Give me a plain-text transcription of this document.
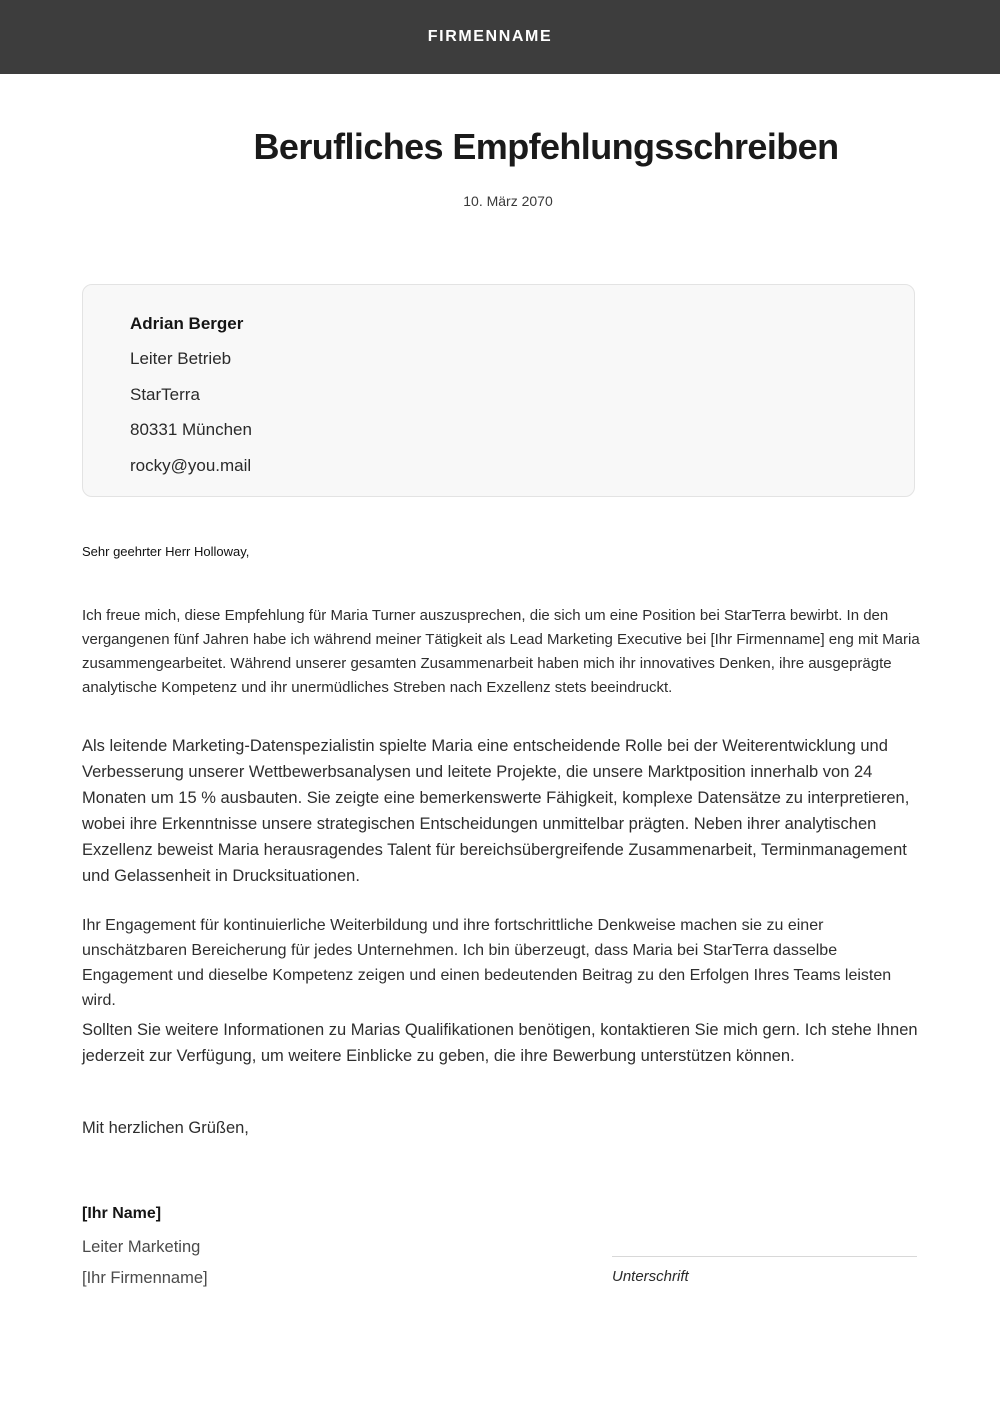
FIRMENNAME
Berufliches Empfehlungsschreiben
10. März 2070
Adrian Berger
Leiter Betrieb
StarTerra
80331 München
rocky@you.mail
Sehr geehrter Herr Holloway,

Ich freue mich, diese Empfehlung für Maria Turner auszusprechen, die sich um eine Position bei StarTerra bewirbt. In den vergangenen fünf Jahren habe ich während meiner Tätigkeit als Lead Marketing Executive bei [Ihr Firmenname] eng mit Maria zusammengearbeitet. Während unserer gesamten Zusammenarbeit haben mich ihr innovatives Denken, ihre ausgeprägte analytische Kompetenz und ihr unermüdliches Streben nach Exzellenz stets beeindruckt.

Als leitende Marketing-Datenspezialistin spielte Maria eine entscheidende Rolle bei der Weiterentwicklung und Verbesserung unserer Wettbewerbsanalysen und leitete Projekte, die unsere Marktposition innerhalb von 24 Monaten um 15 % ausbauten. Sie zeigte eine bemerkenswerte Fähigkeit, komplexe Datensätze zu interpretieren, wobei ihre Erkenntnisse unsere strategischen Entscheidungen unmittelbar prägten. Neben ihrer analytischen Exzellenz beweist Maria herausragendes Talent für bereichsübergreifende Zusammenarbeit, Terminmanagement und Gelassenheit in Drucksituationen.

Ihr Engagement für kontinuierliche Weiterbildung und ihre fortschrittliche Denkweise machen sie zu einer unschätzbaren Bereicherung für jedes Unternehmen. Ich bin überzeugt, dass Maria bei StarTerra dasselbe Engagement und dieselbe Kompetenz zeigen und einen bedeutenden Beitrag zu den Erfolgen Ihres Teams leisten wird.

Sollten Sie weitere Informationen zu Marias Qualifikationen benötigen, kontaktieren Sie mich gern. Ich stehe Ihnen jederzeit zur Verfügung, um weitere Einblicke zu geben, die ihre Bewerbung unterstützen können.

Mit herzlichen Grüßen,
[Ihr Name]
Leiter Marketing
[Ihr Firmenname]	Unterschrift
